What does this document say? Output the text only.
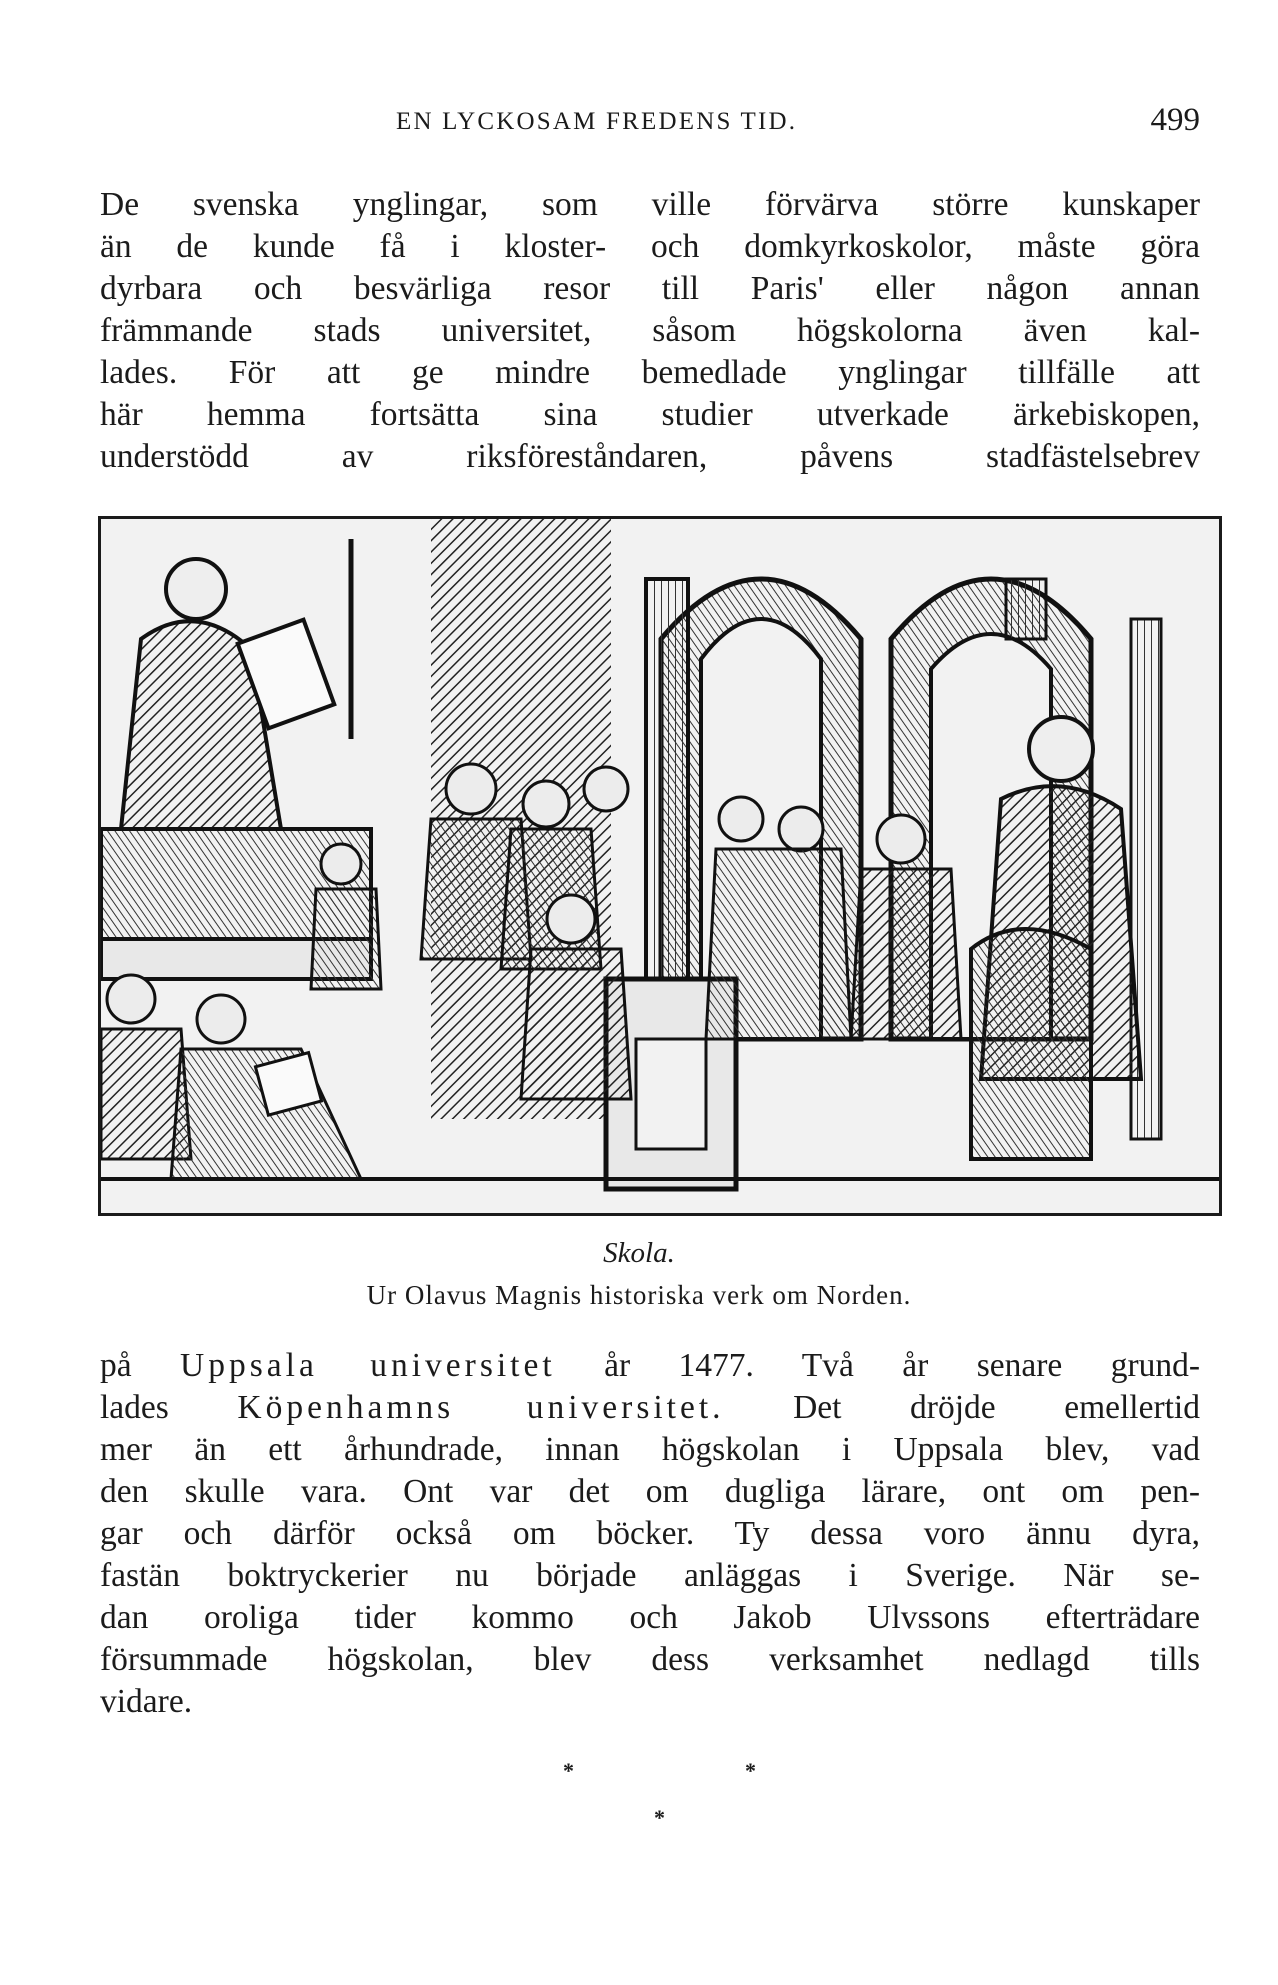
EN LYCKOSAM FREDENS TID.	499
De svenska ynglingar, som ville förvärva större kunskaper
än de kunde få i kloster- och domkyrkoskolor, måste göra
dyrbara och besvärliga resor till Paris' eller någon annan
främmande stads universitet, såsom högskolorna även kal-
lades. För att ge mindre bemedlade ynglingar tillfälle att
här hemma fortsätta sina studier utverkade ärkebiskopen,
understödd av riksföreståndaren, påvens stadfästelsebrev
Skola.
Ur Olavus Magnis historiska verk om Norden.
på Uppsala universitet år 1477. Två år senare grund-
lades Köpenhamns universitet. Det dröjde emellertid
mer än ett århundrade, innan högskolan i Uppsala blev, vad
den skulle vara. Ont var det om dugliga lärare, ont om pen-
gar och därför också om böcker. Ty dessa voro ännu dyra,
fastän boktryckerier nu började anläggas i Sverige. När se-
dan oroliga tider kommo och Jakob Ulvssons efterträdare
försummade högskolan, blev dess verksamhet nedlagd tills
vidare.
*	*
*
